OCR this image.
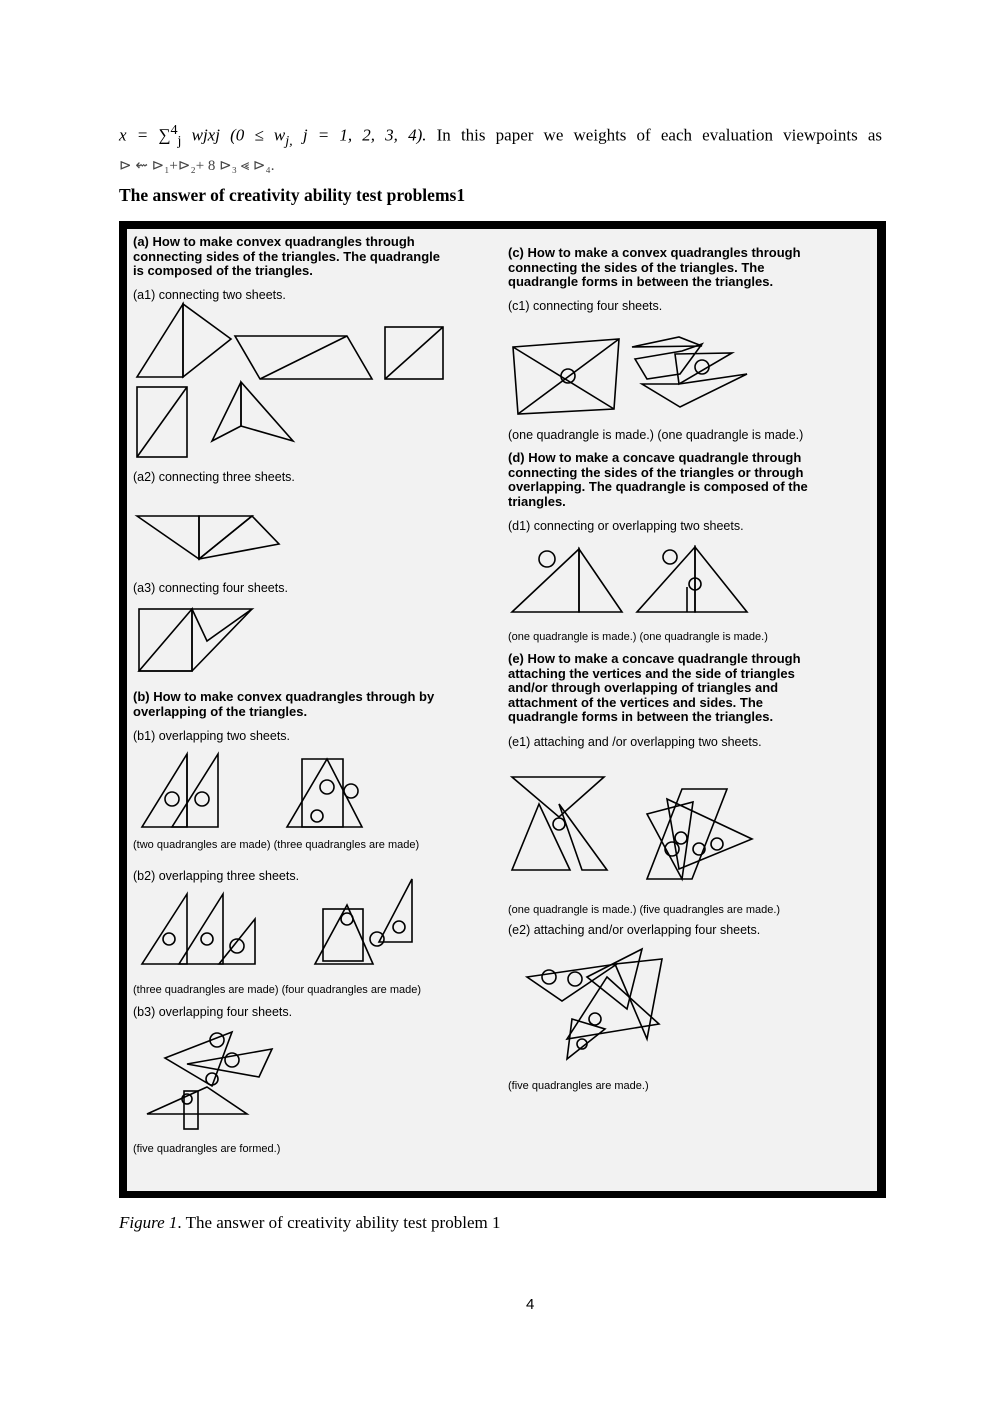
x = ∑$^4_j$ wjxj ($0 \le w_{j,}$ j = 1, 2, 3, 4). In this paper we weights of each evaluation viewpoints as
⊳ ⇜ ⊳₁+⊳₂+ 8 ⊳₃ ⪡ ⊳₄.
The answer of creativity ability test problems1
(a) How to make convex quadrangles through
connecting sides of the triangles. The quadrangle
is composed of the triangles.
(a1) connecting two sheets.
(a2) connecting three sheets.
(a3) connecting four sheets.
(b) How to make convex quadrangles through by
overlapping of the triangles.
(b1) overlapping two sheets.
(two quadrangles are made) (three quadrangles are made)
(b2) overlapping three sheets.
(three quadrangles are made) (four quadrangles are made)
(b3) overlapping four sheets.
(five quadrangles are formed.)
(c) How to make a convex quadrangles through
connecting the sides of the triangles. The
quadrangle forms in between the triangles.
(c1) connecting four sheets.
(one quadrangle is made.) (one quadrangle is made.)
(d) How to make a concave quadrangle through
connecting the sides of the triangles or through
overlapping. The quadrangle is composed of the
triangles.
(d1) connecting or overlapping two sheets.
(one quadrangle is made.) (one quadrangle is made.)
(e) How to make a concave quadrangle through
attaching the vertices and the side of triangles
and/or through overlapping of triangles and
attachment of the vertices and sides. The
quadrangle forms in between the triangles.
(e1) attaching and /or overlapping two sheets.
(one quadrangle is made.) (five quadrangles are made.)
(e2) attaching and/or overlapping four sheets.
(five quadrangles are made.)
Figure 1. The answer of creativity ability test problem 1
4
